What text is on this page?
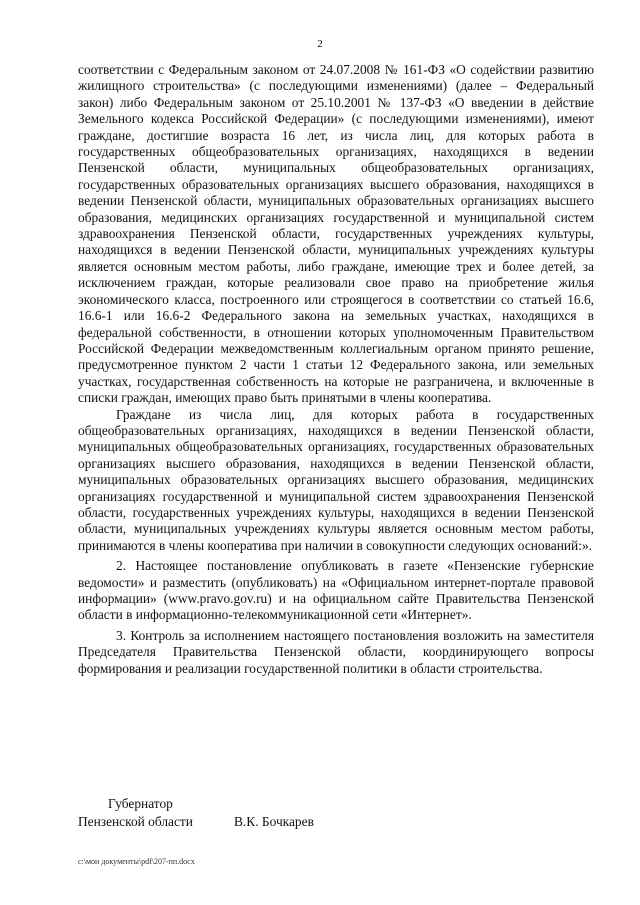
2

соответствии с Федеральным законом от 24.07.2008 № 161-ФЗ «О содействии развитию жилищного строительства» (с последующими изменениями) (далее – Федеральный закон) либо Федеральным законом от 25.10.2001 № 137-ФЗ «О введении в действие Земельного кодекса Российской Федерации» (с последующими изменениями), имеют граждане, достигшие возраста 16 лет, из числа лиц, для которых работа в государственных общеобразовательных организациях, находящихся в ведении Пензенской области, муниципальных общеобразовательных организациях, государственных образовательных организациях высшего образования, находящихся в ведении Пензенской области, муниципальных образовательных организациях высшего образования, медицинских организациях государственной и муниципальной систем здравоохранения Пензенской области, государственных учреждениях культуры, находящихся в ведении Пензенской области, муниципальных учреждениях культуры является основным местом работы, либо граждане, имеющие трех и более детей, за исключением граждан, которые реализовали свое право на приобретение жилья экономического класса, построенного или строящегося в соответствии со статьей 16.6, 16.6-1 или 16.6-2 Федерального закона на земельных участках, находящихся в федеральной собственности, в отношении которых уполномоченным Правительством Российской Федерации межведомственным коллегиальным органом принято решение, предусмотренное пунктом 2 части 1 статьи 12 Федерального закона, или земельных участках, государственная собственность на которые не разграничена, и включенные в списки граждан, имеющих право быть принятыми в члены кооператива.

Граждане из числа лиц, для которых работа в государственных общеобразовательных организациях, находящихся в ведении Пензенской области, муниципальных общеобразовательных организациях, государственных образовательных организациях высшего образования, находящихся в ведении Пензенской области, муниципальных образовательных организациях высшего образования, медицинских организациях государственной и муниципальной систем здравоохранения Пензенской области, государственных учреждениях культуры, находящихся в ведении Пензенской области, муниципальных учреждениях культуры является основным местом работы, принимаются в члены кооператива при наличии в совокупности следующих оснований:».

2. Настоящее постановление опубликовать в газете «Пензенские губернские ведомости» и разместить (опубликовать) на «Официальном интернет-портале правовой информации» (www.pravo.gov.ru) и на официальном сайте Правительства Пензенской области в информационно-телекоммуникационной сети «Интернет».

3. Контроль за исполнением настоящего постановления возложить на заместителя Председателя Правительства Пензенской области, координирующего вопросы формирования и реализации государственной политики в области строительства.

Губернатор
Пензенской области	В.К. Бочкарев
c:\мои документы\pdf\207-пп.docx
